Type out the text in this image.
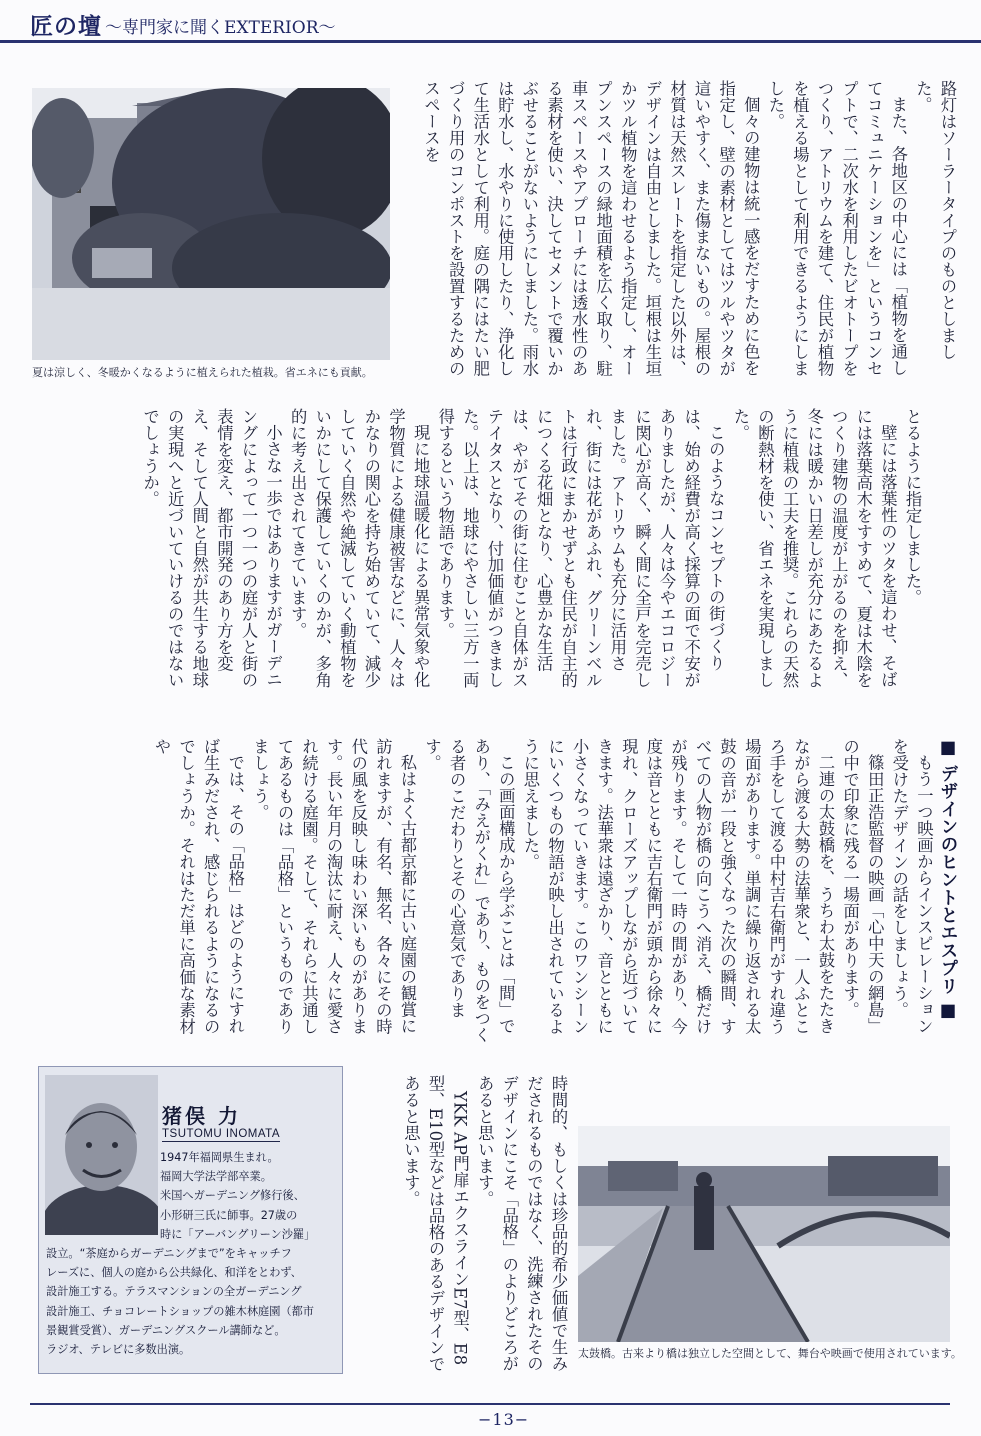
匠の壇 〜専門家に聞くEXTERIOR〜
夏は涼しく、冬暖かくなるように植えられた植栽。省エネにも貢献。

路灯はソーラータイプのものとしました。

また、各地区の中心には「植物を通してコミュニケーションを」というコンセプトで、二次水を利用したビオトープをつくり、アトリウムを建て、住民が植物を植える場として利用できるようにしました。

個々の建物は統一感をだすために色を指定し、壁の素材としてはツルやツタが這いやすく、また傷まないもの。屋根の材質は天然スレートを指定した以外は、デザインは自由としました。垣根は生垣かツル植物を這わせるよう指定し、オープンスペースの緑地面積を広く取り、駐車スペースやアプローチには透水性のある素材を使い、決してセメントで覆いかぶせることがないようにしました。雨水は貯水し、水やりに使用したり、浄化して生活水として利用。庭の隅にはたい肥づくり用のコンポストを設置するためのスペースを

とるように指定しました。

壁には落葉性のツタを這わせ、そばには落葉高木をすすめて、夏は木陰をつくり建物の温度が上がるのを抑え、冬には暖かい日差しが充分にあたるように植栽の工夫を推奨。これらの天然の断熱材を使い、省エネを実現しました。

このようなコンセプトの街づくりは、始め経費が高く採算の面で不安がありましたが、人々は今やエコロジーに関心が高く、瞬く間に全戸を完売しました。アトリウムも充分に活用され、街には花があふれ、グリーンベルトは行政にまかせずとも住民が自主的につくる花畑となり、心豊かな生活は、やがてその街に住むこと自体がステイタスとなり、付加価値がつきました。以上は、地球にやさしい三方一両得するという物語であります。

現に地球温暖化による異常気象や化学物質による健康被害などに、人々はかなりの関心を持ち始めていて、減少していく自然や絶滅していく動植物をいかにして保護していくのかが、多角的に考え出されてきています。

小さな一歩ではありますがガーデニングによって一つ一つの庭が人と街の表情を変え、都市開発のあり方を変え、そして人間と自然が共生する地球の実現へと近づいていけるのではないでしょうか。

■ デザインのヒントとエスプリ ■

もう一つ映画からインスピレーションを受けたデザインの話をしましょう。

篠田正浩監督の映画「心中天の網島」の中で印象に残る一場面があります。

二連の太鼓橋を、うちわ太鼓をたたきながら渡る大勢の法華衆と、一人ふところ手をして渡る中村吉右衛門がすれ違う場面があります。単調に繰り返される太鼓の音が一段と強くなった次の瞬間、すべての人物が橋の向こうへ消え、橋だけが残ります。そして一時の間があり、今度は音とともに吉右衛門が頭から徐々に現れ、クローズアップしながら近づいてきます。法華衆は遠ざかり、音とともに小さくなっていきます。このワンシーンにいくつもの物語が映し出されているように思えました。

この画面構成から学ぶことは「間」であり、「みえがくれ」であり、ものをつくる者のこだわりとその心意気であります。

私はよく古都京都に古い庭園の観賞に訪れますが、有名、無名、各々にその時代の風を反映し味わい深いものがあります。長い年月の淘汰に耐え、人々に愛され続ける庭園。そして、それらに共通してあるものは「品格」というものでありましょう。

では、その「品格」はどのようにすれば生みだされ、感じられるようになるのでしょうか。それはただ単に高価な素材や

時間的、もしくは珍品的希少価値で生みだされるものではなく、洗練されたそのデザインにこそ「品格」のよりどころがあると思います。

YKK AP門扉エクスラインE7型、E8型、E10型などは品格のあるデザインであると思います。

太鼓橋。古来より橋は独立した空間として、舞台や映画で使用されています。
猪俣 力
TSUTOMU INOMATA
1947年福岡県生まれ。
福岡大学法学部卒業。
米国へガーデニング修行後、
小形研三氏に師事。27歳の
時に「アーバングリーン沙羅」
設立。“茶庭からガーデニングまで”をキャッチフ
レーズに、個人の庭から公共緑化、和洋をとわず、
設計施工する。テラスマンションの全ガーデニング
設計施工、チョコレートショップの雑木林庭園（都市
景観賞受賞）、ガーデニングスクール講師など。
ラジオ、テレビに多数出演。
−13−
